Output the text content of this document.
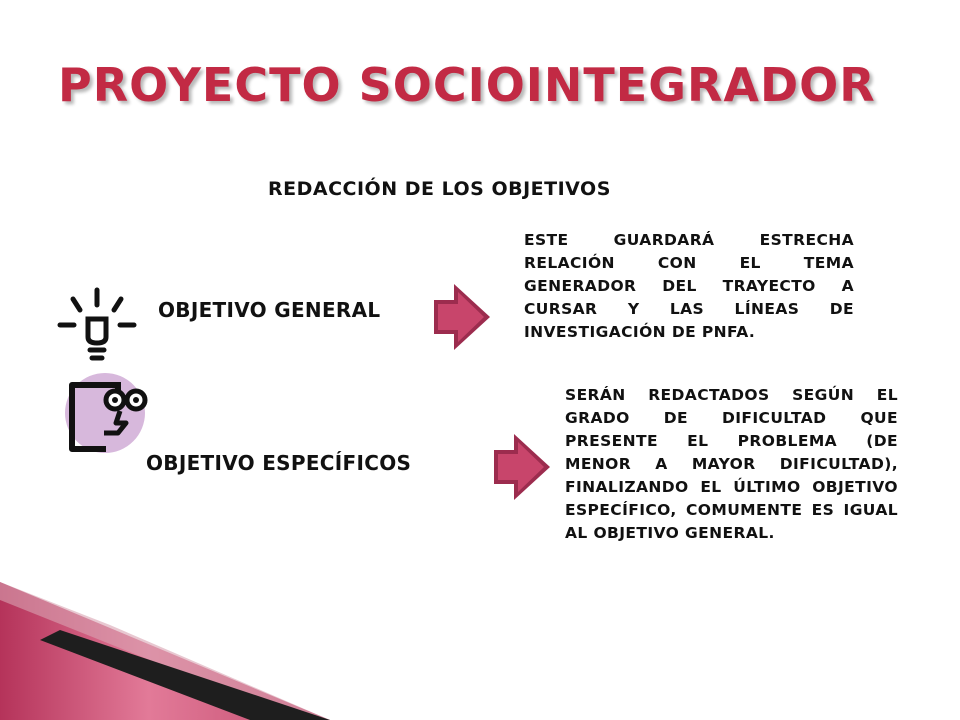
PROYECTO SOCIOINTEGRADOR
REDACCIÓN DE LOS OBJETIVOS
OBJETIVO GENERAL
ESTE GUARDARÁ ESTRECHA RELACIÓN CON EL TEMA GENERADOR DEL TRAYECTO A CURSAR Y LAS LÍNEAS DE INVESTIGACIÓN DE PNFA.
OBJETIVO ESPECÍFICOS
SERÁN REDACTADOS SEGÚN EL GRADO DE DIFICULTAD QUE PRESENTE EL PROBLEMA (DE MENOR A MAYOR DIFICULTAD), FINALIZANDO EL ÚLTIMO OBJETIVO ESPECÍFICO, COMUMENTE ES IGUAL AL OBJETIVO GENERAL.
